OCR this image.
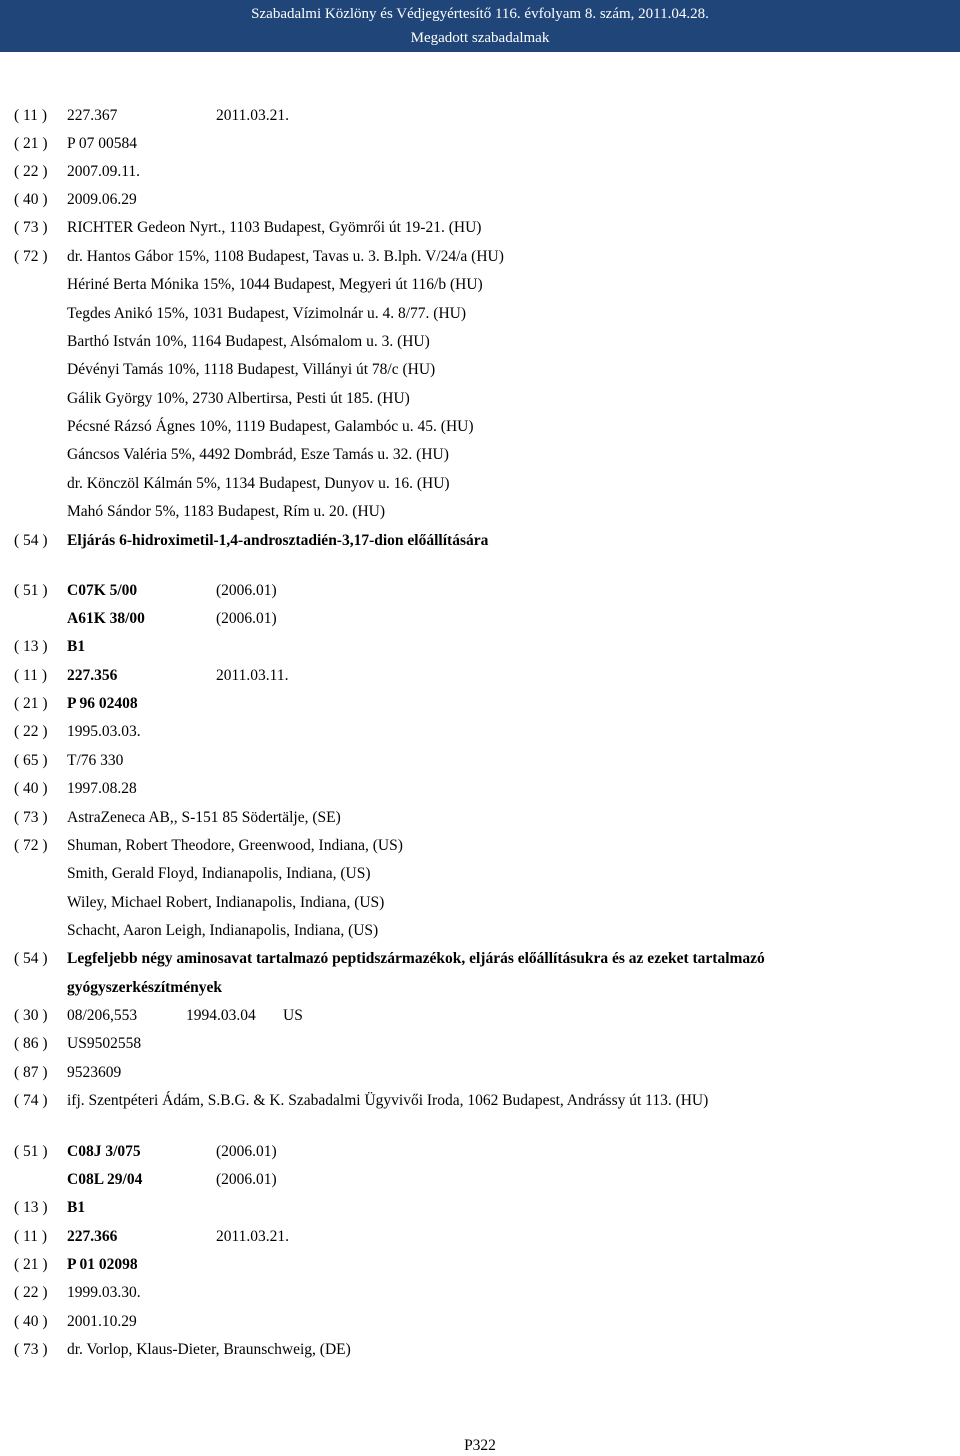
Szabadalmi Közlöny és Védjegyértesítő 116. évfolyam 8. szám, 2011.04.28.
Megadott szabadalmak
( 11 )	227.367	2011.03.21.
( 21 )	P 07 00584
( 22 )	2007.09.11.
( 40 )	2009.06.29
( 73 )	RICHTER Gedeon Nyrt., 1103 Budapest, Gyömrői út 19-21. (HU)
( 72 )	dr. Hantos Gábor 15%, 1108 Budapest, Tavas u. 3. B.lph. V/24/a (HU)
Hériné Berta Mónika 15%, 1044 Budapest, Megyeri út 116/b (HU)
Tegdes Anikó 15%, 1031 Budapest, Vízimolnár u. 4. 8/77. (HU)
Barthó István 10%, 1164 Budapest, Alsómalom u. 3. (HU)
Dévényi Tamás 10%, 1118 Budapest, Villányi út 78/c (HU)
Gálik György 10%, 2730 Albertirsa, Pesti út 185. (HU)
Pécsné Rázsó Ágnes 10%, 1119 Budapest, Galambóc u. 45. (HU)
Gáncsos Valéria 5%, 4492 Dombrád, Esze Tamás u. 32. (HU)
dr. Könczöl Kálmán 5%, 1134 Budapest, Dunyov u. 16. (HU)
Mahó Sándor 5%, 1183 Budapest, Rím u. 20. (HU)
( 54 )	Eljárás 6-hidroximetil-1,4-androsztadién-3,17-dion előállítására
( 51 )	C07K 5/00	(2006.01)
A61K 38/00	(2006.01)
( 13 )	B1
( 11 )	227.356	2011.03.11.
( 21 )	P 96 02408
( 22 )	1995.03.03.
( 65 )	T/76 330
( 40 )	1997.08.28
( 73 )	AstraZeneca AB,, S-151 85 Södertälje, (SE)
( 72 )	Shuman, Robert Theodore, Greenwood, Indiana, (US)
Smith, Gerald Floyd, Indianapolis, Indiana, (US)
Wiley, Michael Robert, Indianapolis, Indiana, (US)
Schacht, Aaron Leigh, Indianapolis, Indiana, (US)
( 54 )	Legfeljebb négy aminosavat tartalmazó peptidszármazékok, eljárás előállításukra és az ezeket tartalmazó
gyógyszerkészítmények
( 30 )	08/206,553	1994.03.04 US
( 86 )	US9502558
( 87 )	9523609
( 74 )	ifj. Szentpéteri Ádám, S.B.G. & K. Szabadalmi Ügyvivői Iroda, 1062 Budapest, Andrássy út 113. (HU)
( 51 )	C08J 3/075	(2006.01)
C08L 29/04	(2006.01)
( 13 )	B1
( 11 )	227.366	2011.03.21.
( 21 )	P 01 02098
( 22 )	1999.03.30.
( 40 )	2001.10.29
( 73 )	dr. Vorlop, Klaus-Dieter, Braunschweig, (DE)
P322
